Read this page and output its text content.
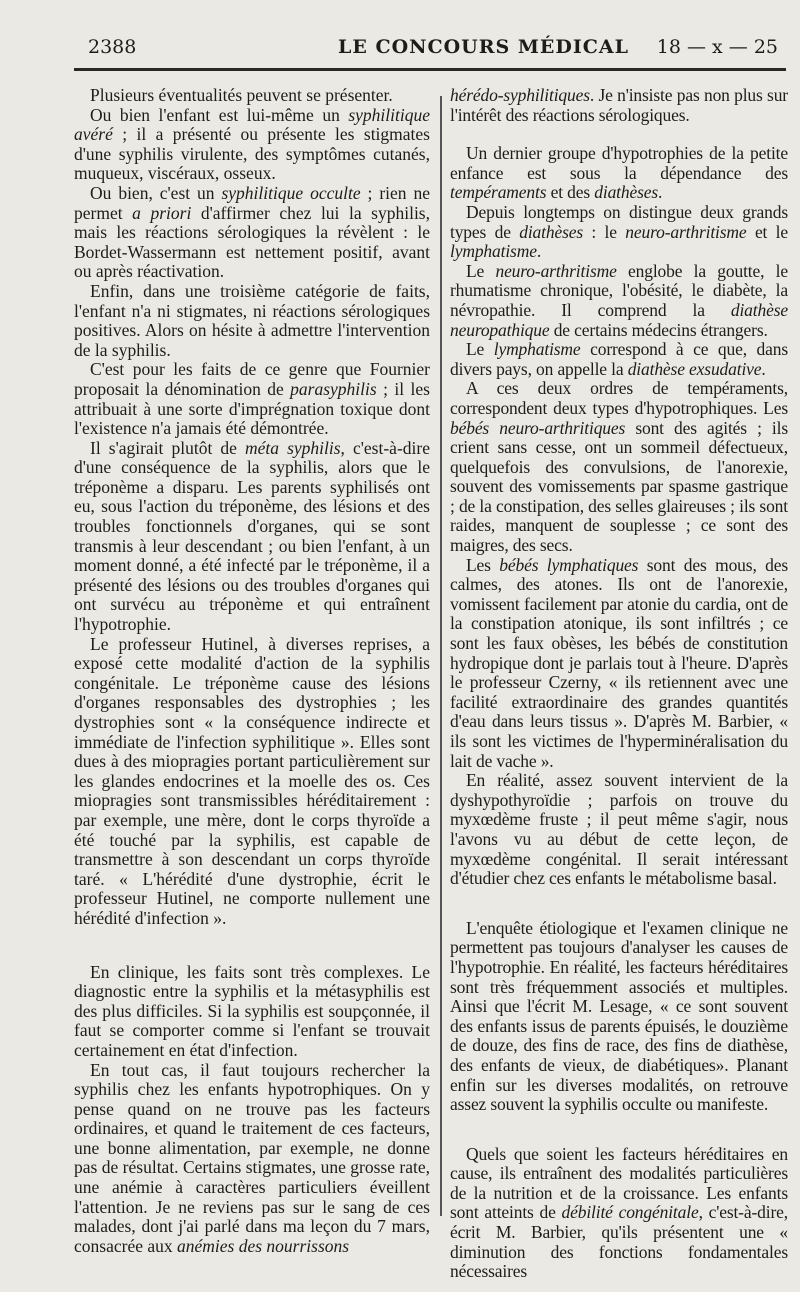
2388	LE CONCOURS MÉDICAL 18 — x — 25

Plusieurs éventualités peuvent se présenter.

Ou bien l'enfant est lui-même un syphilitique avéré ; il a présenté ou présente les stigmates d'une syphilis virulente, des symptômes cutanés, muqueux, viscéraux, osseux.

Ou bien, c'est un syphilitique occulte ; rien ne permet a priori d'affirmer chez lui la syphilis, mais les réactions sérologiques la révèlent : le Bordet-Wassermann est nettement positif, avant ou après réactivation.

Enfin, dans une troisième catégorie de faits, l'enfant n'a ni stigmates, ni réactions sérologiques positives. Alors on hésite à admettre l'intervention de la syphilis.

C'est pour les faits de ce genre que Fournier proposait la dénomination de parasyphilis ; il les attribuait à une sorte d'imprégnation toxique dont l'existence n'a jamais été démontrée.

Il s'agirait plutôt de méta syphilis, c'est-à-dire d'une conséquence de la syphilis, alors que le tréponème a disparu. Les parents syphilisés ont eu, sous l'action du tréponème, des lésions et des troubles fonctionnels d'organes, qui se sont transmis à leur descendant ; ou bien l'enfant, à un moment donné, a été infecté par le tréponème, il a présenté des lésions ou des troubles d'organes qui ont survécu au tréponème et qui entraînent l'hypotrophie.

Le professeur Hutinel, à diverses reprises, a exposé cette modalité d'action de la syphilis congénitale. Le tréponème cause des lésions d'organes responsables des dystrophies ; les dystrophies sont « la conséquence indirecte et immédiate de l'infection syphilitique ». Elles sont dues à des miopragies portant particulièrement sur les glandes endocrines et la moelle des os. Ces miopragies sont transmissibles héréditairement : par exemple, une mère, dont le corps thyroïde a été touché par la syphilis, est capable de transmettre à son descendant un corps thyroïde taré. « L'hérédité d'une dystrophie, écrit le professeur Hutinel, ne comporte nullement une hérédité d'infection ».

En clinique, les faits sont très complexes. Le diagnostic entre la syphilis et la métasyphilis est des plus difficiles. Si la syphilis est soupçonnée, il faut se comporter comme si l'enfant se trouvait certainement en état d'infection.

En tout cas, il faut toujours rechercher la syphilis chez les enfants hypotrophiques. On y pense quand on ne trouve pas les facteurs ordinaires, et quand le traitement de ces facteurs, une bonne alimentation, par exemple, ne donne pas de résultat. Certains stigmates, une grosse rate, une anémie à caractères particuliers éveillent l'attention. Je ne reviens pas sur le sang de ces malades, dont j'ai parlé dans ma leçon du 7 mars, consacrée aux anémies des nourrissons

hérédo-syphilitiques. Je n'insiste pas non plus sur l'intérêt des réactions sérologiques.

Un dernier groupe d'hypotrophies de la petite enfance est sous la dépendance des tempéraments et des diathèses.

Depuis longtemps on distingue deux grands types de diathèses : le neuro-arthritisme et le lymphatisme.

Le neuro-arthritisme englobe la goutte, le rhumatisme chronique, l'obésité, le diabète, la névropathie. Il comprend la diathèse neuropathique de certains médecins étrangers.

Le lymphatisme correspond à ce que, dans divers pays, on appelle la diathèse exsudative.

A ces deux ordres de tempéraments, correspondent deux types d'hypotrophiques. Les bébés neuro-arthritiques sont des agités ; ils crient sans cesse, ont un sommeil défectueux, quelquefois des convulsions, de l'anorexie, souvent des vomissements par spasme gastrique ; de la constipation, des selles glaireuses ; ils sont raides, manquent de souplesse ; ce sont des maigres, des secs.

Les bébés lymphatiques sont des mous, des calmes, des atones. Ils ont de l'anorexie, vomissent facilement par atonie du cardia, ont de la constipation atonique, ils sont infiltrés ; ce sont les faux obèses, les bébés de constitution hydropique dont je parlais tout à l'heure. D'après le professeur Czerny, « ils retiennent avec une facilité extraordinaire des grandes quantités d'eau dans leurs tissus ». D'après M. Barbier, « ils sont les victimes de l'hyperminéralisation du lait de vache ».

En réalité, assez souvent intervient de la dyshypothyroïdie ; parfois on trouve du myxœdème fruste ; il peut même s'agir, nous l'avons vu au début de cette leçon, de myxœdème congénital. Il serait intéressant d'étudier chez ces enfants le métabolisme basal.

L'enquête étiologique et l'examen clinique ne permettent pas toujours d'analyser les causes de l'hypotrophie. En réalité, les facteurs héréditaires sont très fréquemment associés et multiples. Ainsi que l'écrit M. Lesage, « ce sont souvent des enfants issus de parents épuisés, le douzième de douze, des fins de race, des fins de diathèse, des enfants de vieux, de diabétiques». Planant enfin sur les diverses modalités, on retrouve assez souvent la syphilis occulte ou manifeste.

Quels que soient les facteurs héréditaires en cause, ils entraînent des modalités particulières de la nutrition et de la croissance. Les enfants sont atteints de débilité congénitale, c'est-à-dire, écrit M. Barbier, qu'ils présentent une « diminution des fonctions fondamentales nécessaires
